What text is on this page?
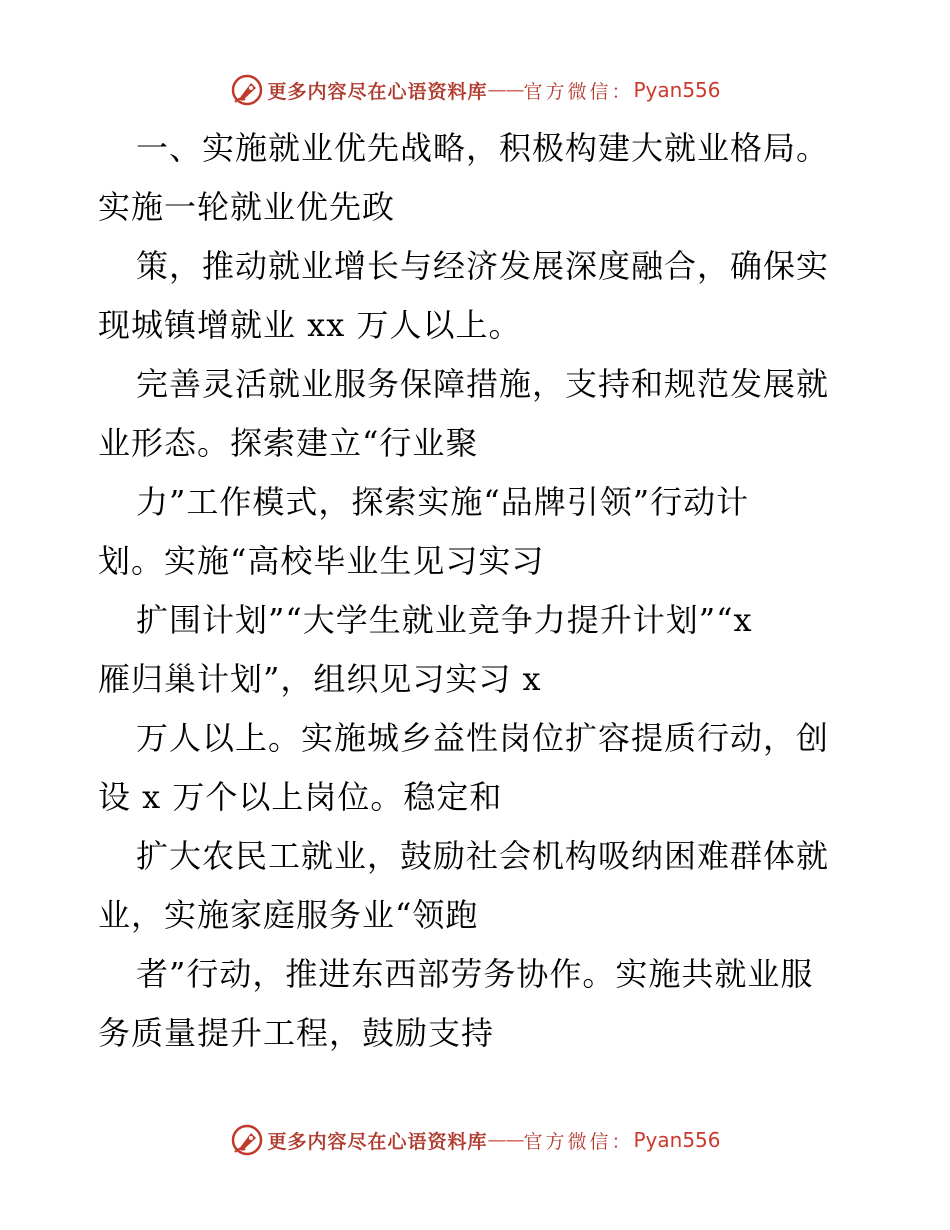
更多内容尽在心语资料库 —— 官方微信： Pyan556
一、实施就业优先战略，积极构建大就业格局。
实施一轮就业优先政
策，推动就业增长与经济发展深度融合，确保实
现城镇增就业 xx 万人以上。
完善灵活就业服务保障措施，支持和规范发展就
业形态。探索建立“行业聚
力”工作模式，探索实施“品牌引领”行动计
划。实施“高校毕业生见习实习
扩围计划”“大学生就业竞争力提升计划”“x
雁归巢计划”，组织见习实习 x
万人以上。实施城乡益性岗位扩容提质行动，创
设 x 万个以上岗位。稳定和
扩大农民工就业，鼓励社会机构吸纳困难群体就
业，实施家庭服务业“领跑
者”行动，推进东西部劳务协作。实施共就业服
务质量提升工程，鼓励支持
更多内容尽在心语资料库 —— 官方微信： Pyan556
